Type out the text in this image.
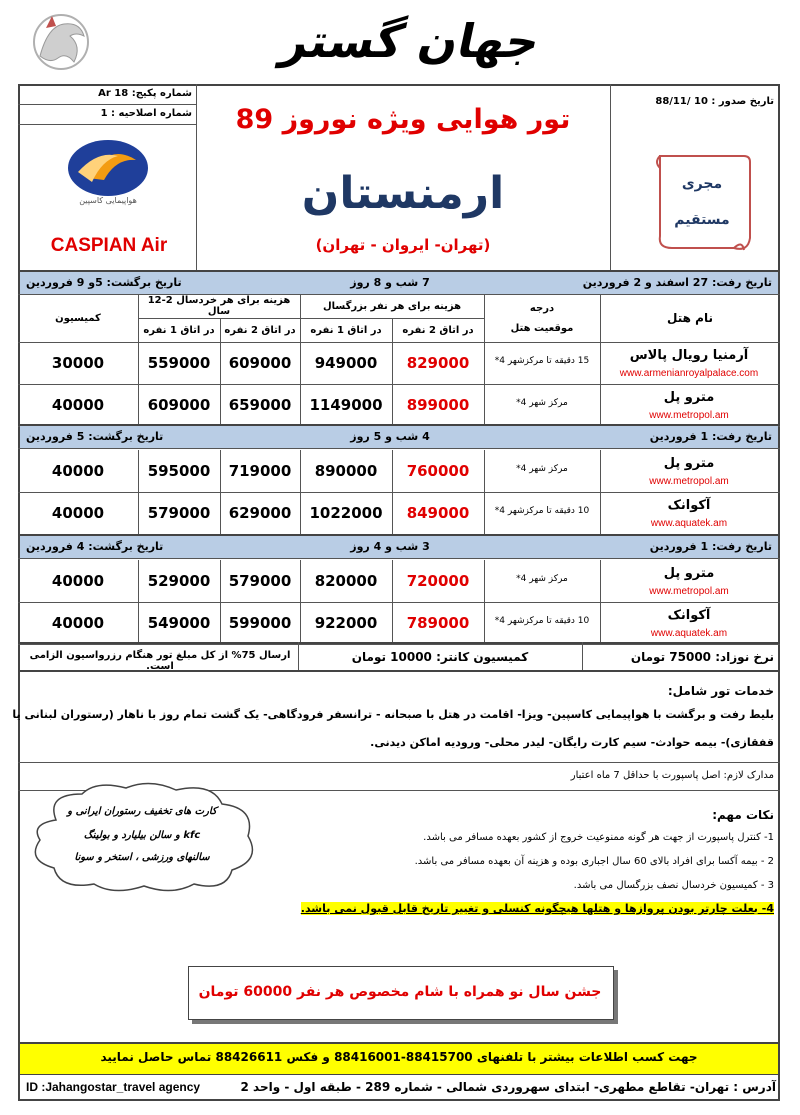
جهان گستر
شماره پکیج: Ar 18
شماره اصلاحیه : 1
تاریخ صدور : 10 /88/11
هواپیمایی کاسپین
CASPIAN Air
تور هوایی ویژه نوروز 89
ارمنستان
(تهران- ایروان - تهران)
مجری
مستقیم
تاریخ رفت: 27 اسفند و 2 فروردین
7 شب و 8 روز
تاریخ برگشت: 5و 9 فروردین
نام هتل
درجه
موقعیت هتل
هزینه برای هر نفر بزرگسال
هزینه برای هر خردسال 2-12 سال
کمیسیون
در اتاق 2 نفره
در اتاق 1 نفره
در اتاق 2 نفره
در اتاق 1 نفره
آرمنیا رویال پالاس
www.armenianroyalpalace.com
15 دقیقه تا مرکزشهر 4*
829000
949000
609000
559000
30000
مترو پل
www.metropol.am
مرکز شهر 4*
899000
1149000
659000
609000
40000
تاریخ رفت: 1 فروردین
4 شب و 5 روز
تاریخ برگشت: 5 فروردین
مترو پل
www.metropol.am
مرکز شهر 4*
760000
890000
719000
595000
40000
آکوانک
www.aquatek.am
10 دقیقه تا مرکزشهر 4*
849000
1022000
629000
579000
40000
تاریخ رفت: 1 فروردین
3 شب و 4 روز
تاریخ برگشت: 4 فروردین
مترو پل
www.metropol.am
مرکز شهر 4*
720000
820000
579000
529000
40000
آکوانک
www.aquatek.am
10 دقیقه تا مرکزشهر 4*
789000
922000
599000
549000
40000
نرخ نوزاد: 75000 تومان
کمیسیون کانتر: 10000 تومان
ارسال 75% از کل مبلغ تور هنگام رزرواسیون الزامی است.
خدمات تور شامل:
بلیط رفت و برگشت با هواپیمایی کاسپین- ویزا- اقامت در هتل با صبحانه - ترانسفر فرودگاهی- یک گشت تمام روز با ناهار (رستوران لبنانی یا
قفقازی)- بیمه حوادث- سیم کارت رایگان- لیدر محلی- ورودیه اماکن دیدنی.
مدارک لازم: اصل پاسپورت با حداقل 7 ماه اعتبار
کارت های تخفیف رستوران ایرانی و
kfc و سالن بیلیارد و بولینگ
سالنهای ورزشی ، استخر و سونا
نکات مهم:
1- کنترل پاسپورت از جهت هر گونه ممنوعیت خروج از کشور بعهده مسافر می باشد.
2 - بیمه آکسا برای افراد بالای 60 سال اجباری بوده و هزینه آن بعهده مسافر می باشد.
3 - کمیسیون خردسال نصف بزرگسال می باشد.
4- بعلت چارتر بودن پروازها و هتلها هیچگونه کنسلی و تغییر تاریخ قابل قبول نمی باشد.
جشن سال نو همراه با شام مخصوص هر نفر 60000 تومان
جهت کسب اطلاعات بیشتر با تلفنهای 88415700-88416001 و فکس 88426611 تماس حاصل نمایید
آدرس : تهران- تقاطع مطهری- ابتدای سهروردی شمالی - شماره 289 - طبقه اول - واحد 2
ID :Jahangostar_travel agency
